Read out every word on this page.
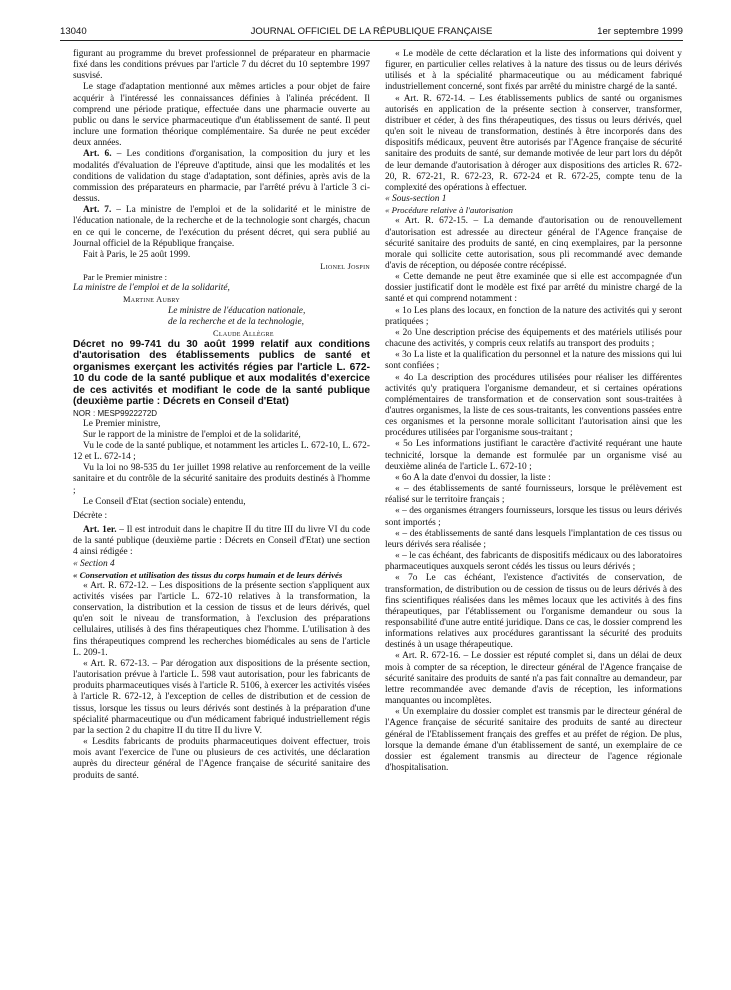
13040	JOURNAL OFFICIEL DE LA RÉPUBLIQUE FRANÇAISE	1er septembre 1999

figurant au programme du brevet professionnel de préparateur en pharmacie fixé dans les conditions prévues par l'article 7 du décret du 10 septembre 1997 susvisé.

Le stage d'adaptation mentionné aux mêmes articles a pour objet de faire acquérir à l'intéressé les connaissances définies à l'alinéa précédent. Il comprend une période pratique, effectuée dans une pharmacie ouverte au public ou dans le service pharmaceutique d'un établissement de santé. Il peut inclure une formation théorique complémentaire. Sa durée ne peut excéder deux années.

Art. 6. – Les conditions d'organisation, la composition du jury et les modalités d'évaluation de l'épreuve d'aptitude, ainsi que les modalités et les conditions de validation du stage d'adaptation, sont définies, après avis de la commission des préparateurs en pharmacie, par l'arrêté prévu à l'article 3 ci-dessus.

Art. 7. – La ministre de l'emploi et de la solidarité et le ministre de l'éducation nationale, de la recherche et de la technologie sont chargés, chacun en ce qui le concerne, de l'exécution du présent décret, qui sera publié au Journal officiel de la République française.

Fait à Paris, le 25 août 1999.

Lionel Jospin

Par le Premier ministre :

La ministre de l'emploi et de la solidarité,

Martine Aubry

Le ministre de l'éducation nationale,

de la recherche et de la technologie,

Claude Allègre

Décret no 99-741 du 30 août 1999 relatif aux conditions d'autorisation des établissements publics de santé et organismes exerçant les activités régies par l'article L. 672-10 du code de la santé publique et aux modalités d'exercice de ces activités et modifiant le code de la santé publique (deuxième partie : Décrets en Conseil d'Etat)

NOR : MESP9922272D

Le Premier ministre,

Sur le rapport de la ministre de l'emploi et de la solidarité,

Vu le code de la santé publique, et notamment les articles L. 672-10, L. 672-12 et L. 672-14 ;

Vu la loi no 98-535 du 1er juillet 1998 relative au renforcement de la veille sanitaire et du contrôle de la sécurité sanitaire des produits destinés à l'homme ;

Le Conseil d'Etat (section sociale) entendu,

Décrète :

Art. 1er. – Il est introduit dans le chapitre II du titre III du livre VI du code de la santé publique (deuxième partie : Décrets en Conseil d'Etat) une section 4 ainsi rédigée :

« Section 4

« Conservation et utilisation des tissus du corps humain et de leurs dérivés

« Art. R. 672-12. – Les dispositions de la présente section s'appliquent aux activités visées par l'article L. 672-10 relatives à la transformation, la conservation, la distribution et la cession de tissus et de leurs dérivés, quel qu'en soit le niveau de transformation, à l'exclusion des préparations cellulaires, utilisés à des fins thérapeutiques chez l'homme. L'utilisation à des fins thérapeutiques comprend les recherches biomédicales au sens de l'article L. 209-1.

« Art. R. 672-13. – Par dérogation aux dispositions de la présente section, l'autorisation prévue à l'article L. 598 vaut autorisation, pour les fabricants de produits pharmaceutiques visés à l'article R. 5106, à exercer les activités visées à l'article R. 672-12, à l'exception de celles de distribution et de cession de tissus, lorsque les tissus ou leurs dérivés sont destinés à la préparation d'une spécialité pharmaceutique ou d'un médicament fabriqué industriellement régis par la section 2 du chapitre II du titre II du livre V.

« Lesdits fabricants de produits pharmaceutiques doivent effectuer, trois mois avant l'exercice de l'une ou plusieurs de ces activités, une déclaration auprès du directeur général de l'Agence française de sécurité sanitaire des produits de santé.

« Le modèle de cette déclaration et la liste des informations qui doivent y figurer, en particulier celles relatives à la nature des tissus ou de leurs dérivés utilisés et à la spécialité pharmaceutique ou au médicament fabriqué industriellement concerné, sont fixés par arrêté du ministre chargé de la santé.

« Art. R. 672-14. – Les établissements publics de santé ou organismes autorisés en application de la présente section à conserver, transformer, distribuer et céder, à des fins thérapeutiques, des tissus ou leurs dérivés, quel qu'en soit le niveau de transformation, destinés à être incorporés dans des dispositifs médicaux, peuvent être autorisés par l'Agence française de sécurité sanitaire des produits de santé, sur demande motivée de leur part lors du dépôt de leur demande d'autorisation à déroger aux dispositions des articles R. 672-20, R. 672-21, R. 672-23, R. 672-24 et R. 672-25, compte tenu de la complexité des opérations à effectuer.

« Sous-section 1

« Procédure relative à l'autorisation

« Art. R. 672-15. – La demande d'autorisation ou de renouvellement d'autorisation est adressée au directeur général de l'Agence française de sécurité sanitaire des produits de santé, en cinq exemplaires, par la personne morale qui sollicite cette autorisation, sous pli recommandé avec demande d'avis de réception, ou déposée contre récépissé.

« Cette demande ne peut être examinée que si elle est accompagnée d'un dossier justificatif dont le modèle est fixé par arrêté du ministre chargé de la santé et qui comprend notamment :

« 1o Les plans des locaux, en fonction de la nature des activités qui y seront pratiquées ;

« 2o Une description précise des équipements et des matériels utilisés pour chacune des activités, y compris ceux relatifs au transport des produits ;

« 3o La liste et la qualification du personnel et la nature des missions qui lui sont confiées ;

« 4o La description des procédures utilisées pour réaliser les différentes activités qu'y pratiquera l'organisme demandeur, et si certaines opérations complémentaires de transformation et de conservation sont sous-traitées à d'autres organismes, la liste de ces sous-traitants, les conventions passées entre ces organismes et la personne morale sollicitant l'autorisation ainsi que les procédures utilisées par l'organisme sous-traitant ;

« 5o Les informations justifiant le caractère d'activité requérant une haute technicité, lorsque la demande est formulée par un organisme visé au deuxième alinéa de l'article L. 672-10 ;

« 6o A la date d'envoi du dossier, la liste :

« – des établissements de santé fournisseurs, lorsque le prélèvement est réalisé sur le territoire français ;

« – des organismes étrangers fournisseurs, lorsque les tissus ou leurs dérivés sont importés ;

« – des établissements de santé dans lesquels l'implantation de ces tissus ou leurs dérivés sera réalisée ;

« – le cas échéant, des fabricants de dispositifs médicaux ou des laboratoires pharmaceutiques auxquels seront cédés les tissus ou leurs dérivés ;

« 7o Le cas échéant, l'existence d'activités de conservation, de transformation, de distribution ou de cession de tissus ou de leurs dérivés à des fins scientifiques réalisées dans les mêmes locaux que les activités à des fins thérapeutiques, par l'établissement ou l'organisme demandeur ou sous la responsabilité d'une autre entité juridique. Dans ce cas, le dossier comprend les informations relatives aux procédures garantissant la sécurité des produits destinés à un usage thérapeutique.

« Art. R. 672-16. – Le dossier est réputé complet si, dans un délai de deux mois à compter de sa réception, le directeur général de l'Agence française de sécurité sanitaire des produits de santé n'a pas fait connaître au demandeur, par lettre recommandée avec demande d'avis de réception, les informations manquantes ou incomplètes.

« Un exemplaire du dossier complet est transmis par le directeur général de l'Agence française de sécurité sanitaire des produits de santé au directeur général de l'Etablissement français des greffes et au préfet de région. De plus, lorsque la demande émane d'un établissement de santé, un exemplaire de ce dossier est également transmis au directeur de l'agence régionale d'hospitalisation.
